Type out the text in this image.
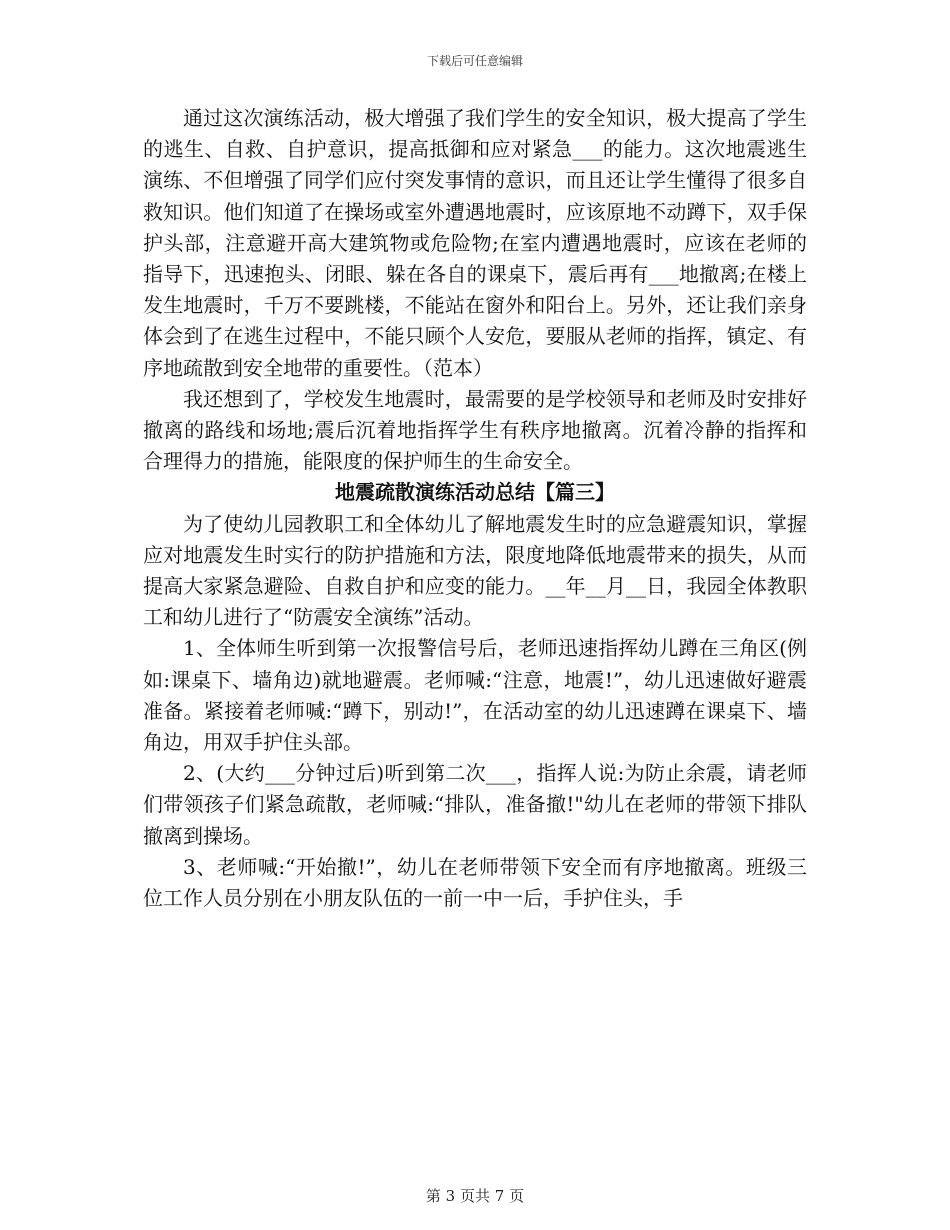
下载后可任意编辑

通过这次演练活动，极大增强了我们学生的安全知识，极大提高了学生的逃生、自救、自护意识，提高抵御和应对紧急___的能力。这次地震逃生演练、不但增强了同学们应付突发事情的意识，而且还让学生懂得了很多自救知识。他们知道了在操场或室外遭遇地震时，应该原地不动蹲下，双手保护头部，注意避开高大建筑物或危险物;在室内遭遇地震时，应该在老师的指导下，迅速抱头、闭眼、躲在各自的课桌下，震后再有___地撤离;在楼上发生地震时，千万不要跳楼，不能站在窗外和阳台上。另外，还让我们亲身体会到了在逃生过程中，不能只顾个人安危，要服从老师的指挥，镇定、有序地疏散到安全地带的重要性。（范本）

我还想到了，学校发生地震时，最需要的是学校领导和老师及时安排好撤离的路线和场地;震后沉着地指挥学生有秩序地撤离。沉着冷静的指挥和合理得力的措施，能限度的保护师生的生命安全。

地震疏散演练活动总结【篇三】

为了使幼儿园教职工和全体幼儿了解地震发生时的应急避震知识，掌握应对地震发生时实行的防护措施和方法，限度地降低地震带来的损失，从而提高大家紧急避险、自救自护和应变的能力。__年__月__日，我园全体教职工和幼儿进行了“防震安全演练”活动。

1、全体师生听到第一次报警信号后，老师迅速指挥幼儿蹲在三角区(例如:课桌下、墙角边)就地避震。老师喊:“注意，地震!”，幼儿迅速做好避震准备。紧接着老师喊:“蹲下，别动!”，在活动室的幼儿迅速蹲在课桌下、墙角边，用双手护住头部。

2、(大约___分钟过后)听到第二次___，指挥人说:为防止余震，请老师们带领孩子们紧急疏散，老师喊:“排队，准备撤!"幼儿在老师的带领下排队撤离到操场。

3、老师喊:“开始撤!”，幼儿在老师带领下安全而有序地撤离。班级三位工作人员分别在小朋友队伍的一前一中一后，手护住头，手

第 3 页共 7 页
